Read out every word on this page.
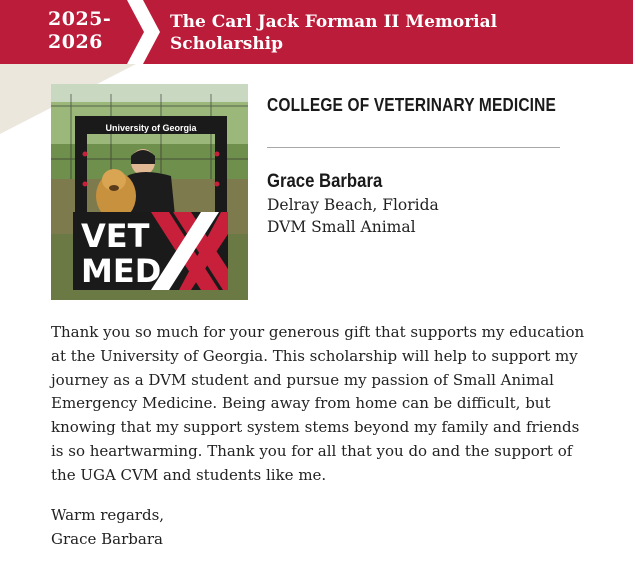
2025-
2026
The Carl Jack Forman II Memorial Scholarship
University of Georgia
VET
MED
COLLEGE OF VETERINARY MEDICINE
Grace Barbara
Delray Beach, Florida
DVM Small Animal

Thank you so much for your generous gift that supports my education at the University of Georgia. This scholarship will help to support my journey as a DVM student and pursue my passion of Small Animal Emergency Medicine. Being away from home can be difficult, but knowing that my support system stems beyond my family and friends is so heartwarming. Thank you for all that you do and the support of the UGA CVM and students like me.

Warm regards,
Grace Barbara
